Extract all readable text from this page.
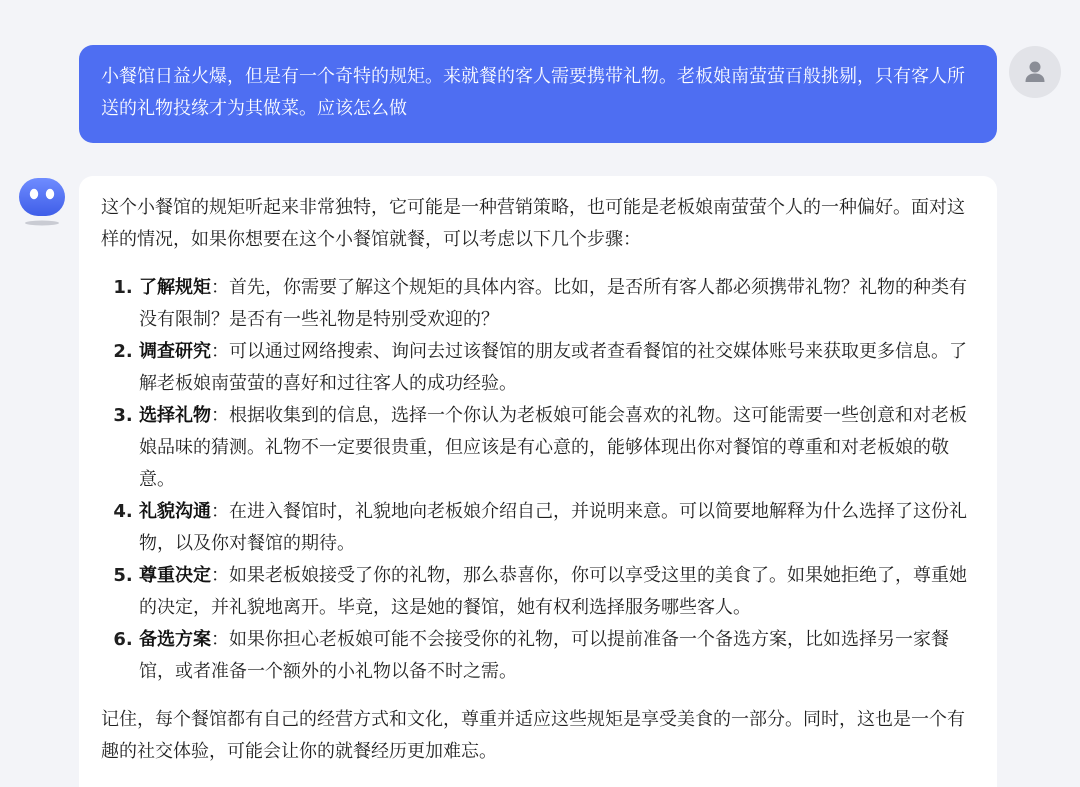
小餐馆日益火爆，但是有一个奇特的规矩。来就餐的客人需要携带礼物。老板娘南萤萤百般挑剔，只有客人所送的礼物投缘才为其做菜。应该怎么做

这个小餐馆的规矩听起来非常独特，它可能是一种营销策略，也可能是老板娘南萤萤个人的一种偏好。面对这样的情况，如果你想要在这个小餐馆就餐，可以考虑以下几个步骤：

1. 了解规矩：首先，你需要了解这个规矩的具体内容。比如，是否所有客人都必须携带礼物？礼物的种类有没有限制？是否有一些礼物是特别受欢迎的？
2. 调查研究：可以通过网络搜索、询问去过该餐馆的朋友或者查看餐馆的社交媒体账号来获取更多信息。了解老板娘南萤萤的喜好和过往客人的成功经验。
3. 选择礼物：根据收集到的信息，选择一个你认为老板娘可能会喜欢的礼物。这可能需要一些创意和对老板娘品味的猜测。礼物不一定要很贵重，但应该是有心意的，能够体现出你对餐馆的尊重和对老板娘的敬意。
4. 礼貌沟通：在进入餐馆时，礼貌地向老板娘介绍自己，并说明来意。可以简要地解释为什么选择了这份礼物，以及你对餐馆的期待。
5. 尊重决定：如果老板娘接受了你的礼物，那么恭喜你，你可以享受这里的美食了。如果她拒绝了，尊重她的决定，并礼貌地离开。毕竟，这是她的餐馆，她有权利选择服务哪些客人。
6. 备选方案：如果你担心老板娘可能不会接受你的礼物，可以提前准备一个备选方案，比如选择另一家餐馆，或者准备一个额外的小礼物以备不时之需。

记住，每个餐馆都有自己的经营方式和文化，尊重并适应这些规矩是享受美食的一部分。同时，这也是一个有趣的社交体验，可能会让你的就餐经历更加难忘。
